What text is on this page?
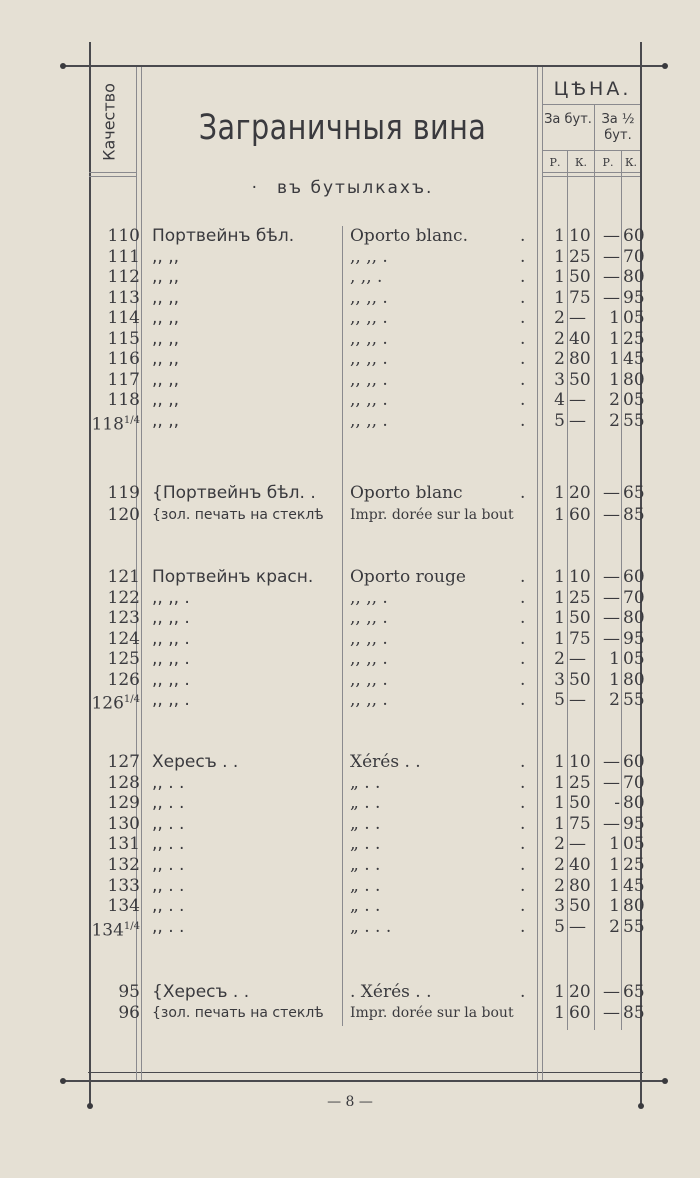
Качество	Заграничныя вина
· въ бутылкахъ.
ЦѢНА.
За бут. За ½ бут.
Р.	К.	Р.	К.
110 Портвейнъ бѣл.	Oporto blanc.	.	1 10 — 60
111 ,, ,,	,, ,, .	.	1 25 — 70
112 ,, ,,	, ,, .	.	1 50 — 80
113 ,, ,,	,, ,, .	.	1 75 — 95
114 ,, ,,	,, ,, .	.	2 —	1 05
115 ,, ,,	,, ,, .	.	2 40	1 25
116 ,, ,,	,, ,, .	.	2 80	1 45
117 ,, ,,	,, ,, .	.	3 50	1 80
118 ,, ,,	,, ,, .	.	4 —	2 05
$118^{1/4}$ ,, ,,	,, ,, .	.	5 —	2 55
119 {Портвейнъ бѣл. .	Oporto blanc	.	1 20 — 65
120 {зол. печать на стеклѣ	Impr. dorée sur la bout	1 60 — 85
121 Портвейнъ красн.	Oporto rouge	.	1 10 — 60
122 ,, ,, .	,, ,, .	.	1 25 — 70
123 ,, ,, .	,, ,, .	.	1 50 — 80
124 ,, ,, .	,, ,, .	.	1 75 — 95
125 ,, ,, .	,, ,, .	.	2 —	1 05
126 ,, ,, .	,, ,, .	.	3 50	1 80
$126^{1/4}$ ,, ,, .	,, ,, .	.	5 —	2 55
127 Хересъ . .	Xérés . .	.	1 10 — 60
128 ,, . .	„ . .	.	1 25 — 70
129 ,, . .	„ . .	.	1 50	- 80
130 ,, . .	„ . .	.	1 75 — 95
131 ,, . .	„ . .	.	2 —	1 05
132 ,, . .	„ . .	.	2 40	1 25
133 ,, . .	„ . .	.	2 80	1 45
134 ,, . .	„ . .	.	3 50	1 80
$134^{1/4}$ ,, . .	„ . . .	.	5 —	2 55
95 {Хересъ . .	. Xérés . .	.	1 20 — 65
96 {зол. печать на стеклѣ	Impr. dorée sur la bout	1 60 — 85
— 8 —
